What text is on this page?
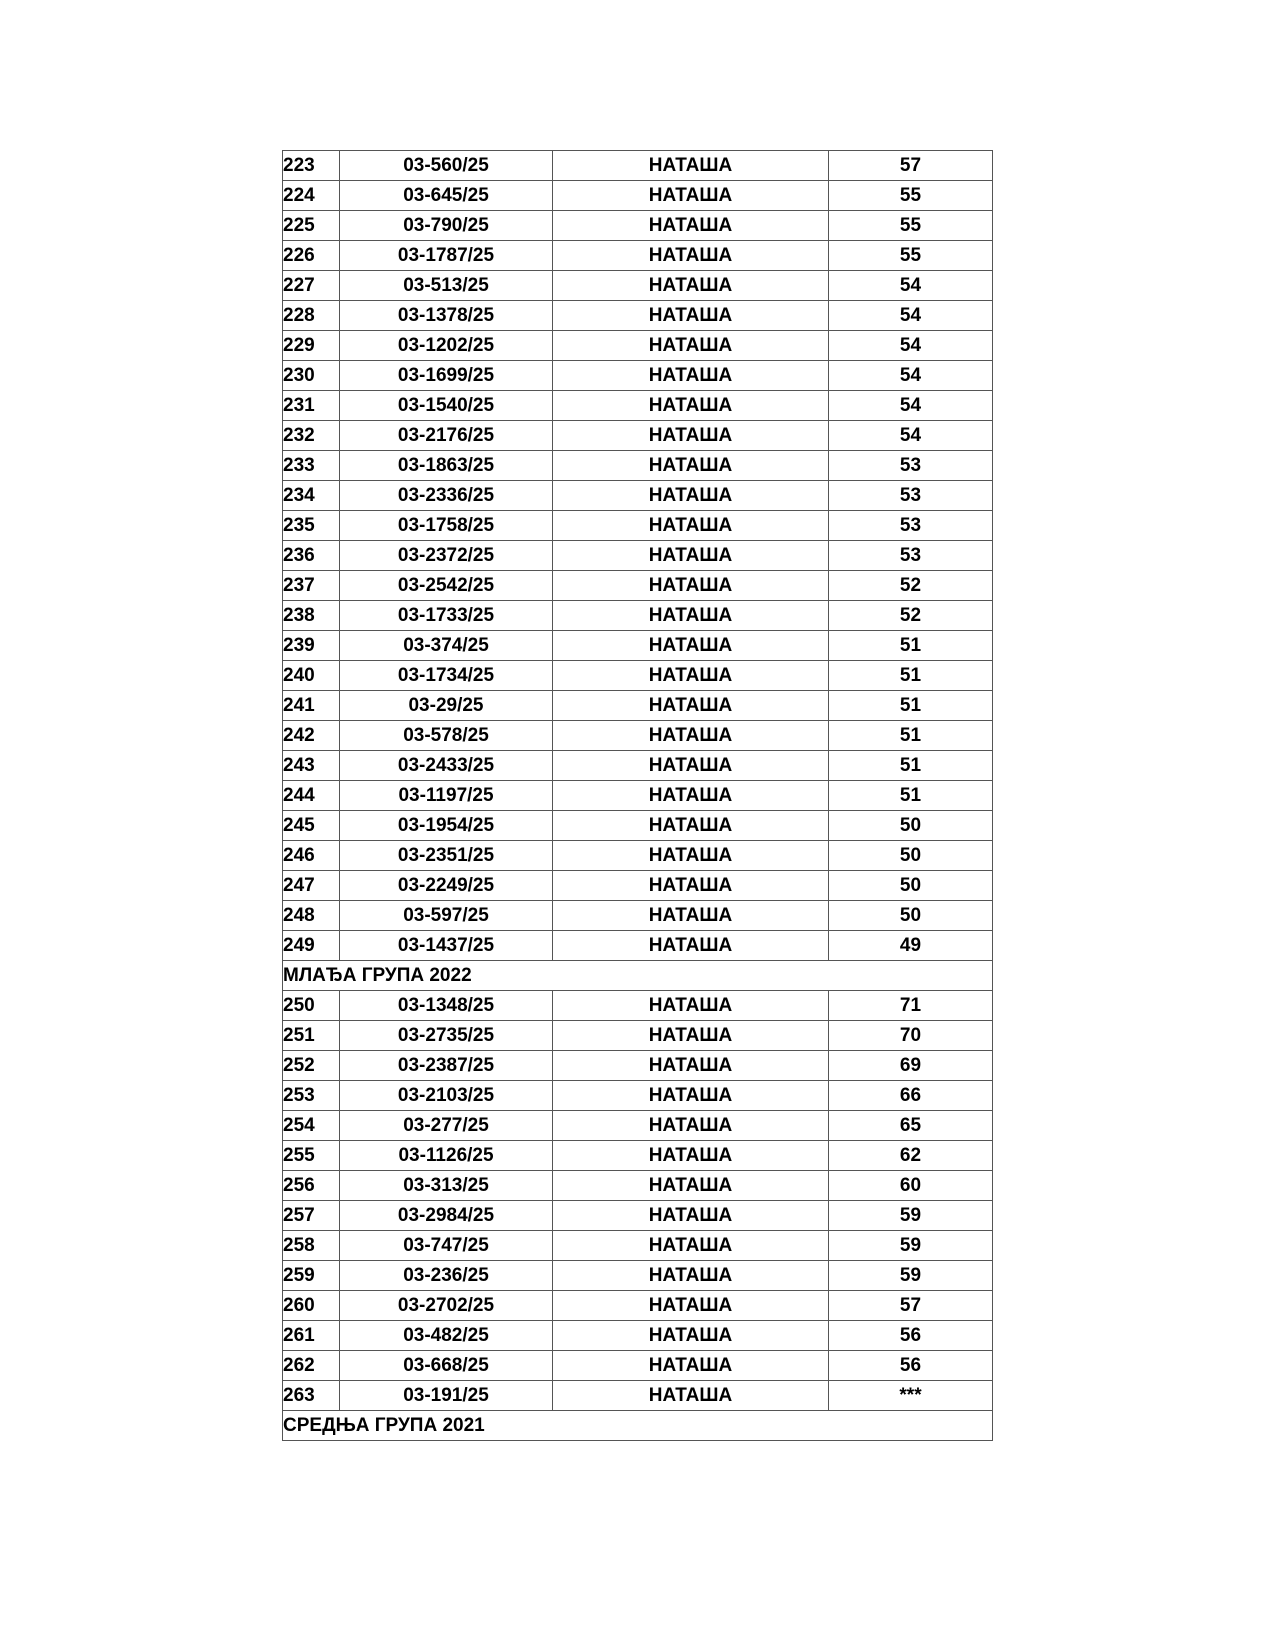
223	03-560/25	НАТАША	57
224	03-645/25	НАТАША	55
225	03-790/25	НАТАША	55
226	03-1787/25	НАТАША	55
227	03-513/25	НАТАША	54
228	03-1378/25	НАТАША	54
229	03-1202/25	НАТАША	54
230	03-1699/25	НАТАША	54
231	03-1540/25	НАТАША	54
232	03-2176/25	НАТАША	54
233	03-1863/25	НАТАША	53
234	03-2336/25	НАТАША	53
235	03-1758/25	НАТАША	53
236	03-2372/25	НАТАША	53
237	03-2542/25	НАТАША	52
238	03-1733/25	НАТАША	52
239	03-374/25	НАТАША	51
240	03-1734/25	НАТАША	51
241	03-29/25	НАТАША	51
242	03-578/25	НАТАША	51
243	03-2433/25	НАТАША	51
244	03-1197/25	НАТАША	51
245	03-1954/25	НАТАША	50
246	03-2351/25	НАТАША	50
247	03-2249/25	НАТАША	50
248	03-597/25	НАТАША	50
249	03-1437/25	НАТАША	49
МЛАЂА ГРУПА 2022			
250	03-1348/25	НАТАША	71
251	03-2735/25	НАТАША	70
252	03-2387/25	НАТАША	69
253	03-2103/25	НАТАША	66
254	03-277/25	НАТАША	65
255	03-1126/25	НАТАША	62
256	03-313/25	НАТАША	60
257	03-2984/25	НАТАША	59
258	03-747/25	НАТАША	59
259	03-236/25	НАТАША	59
260	03-2702/25	НАТАША	57
261	03-482/25	НАТАША	56
262	03-668/25	НАТАША	56
263	03-191/25	НАТАША	***
СРЕДЊА ГРУПА 2021			
